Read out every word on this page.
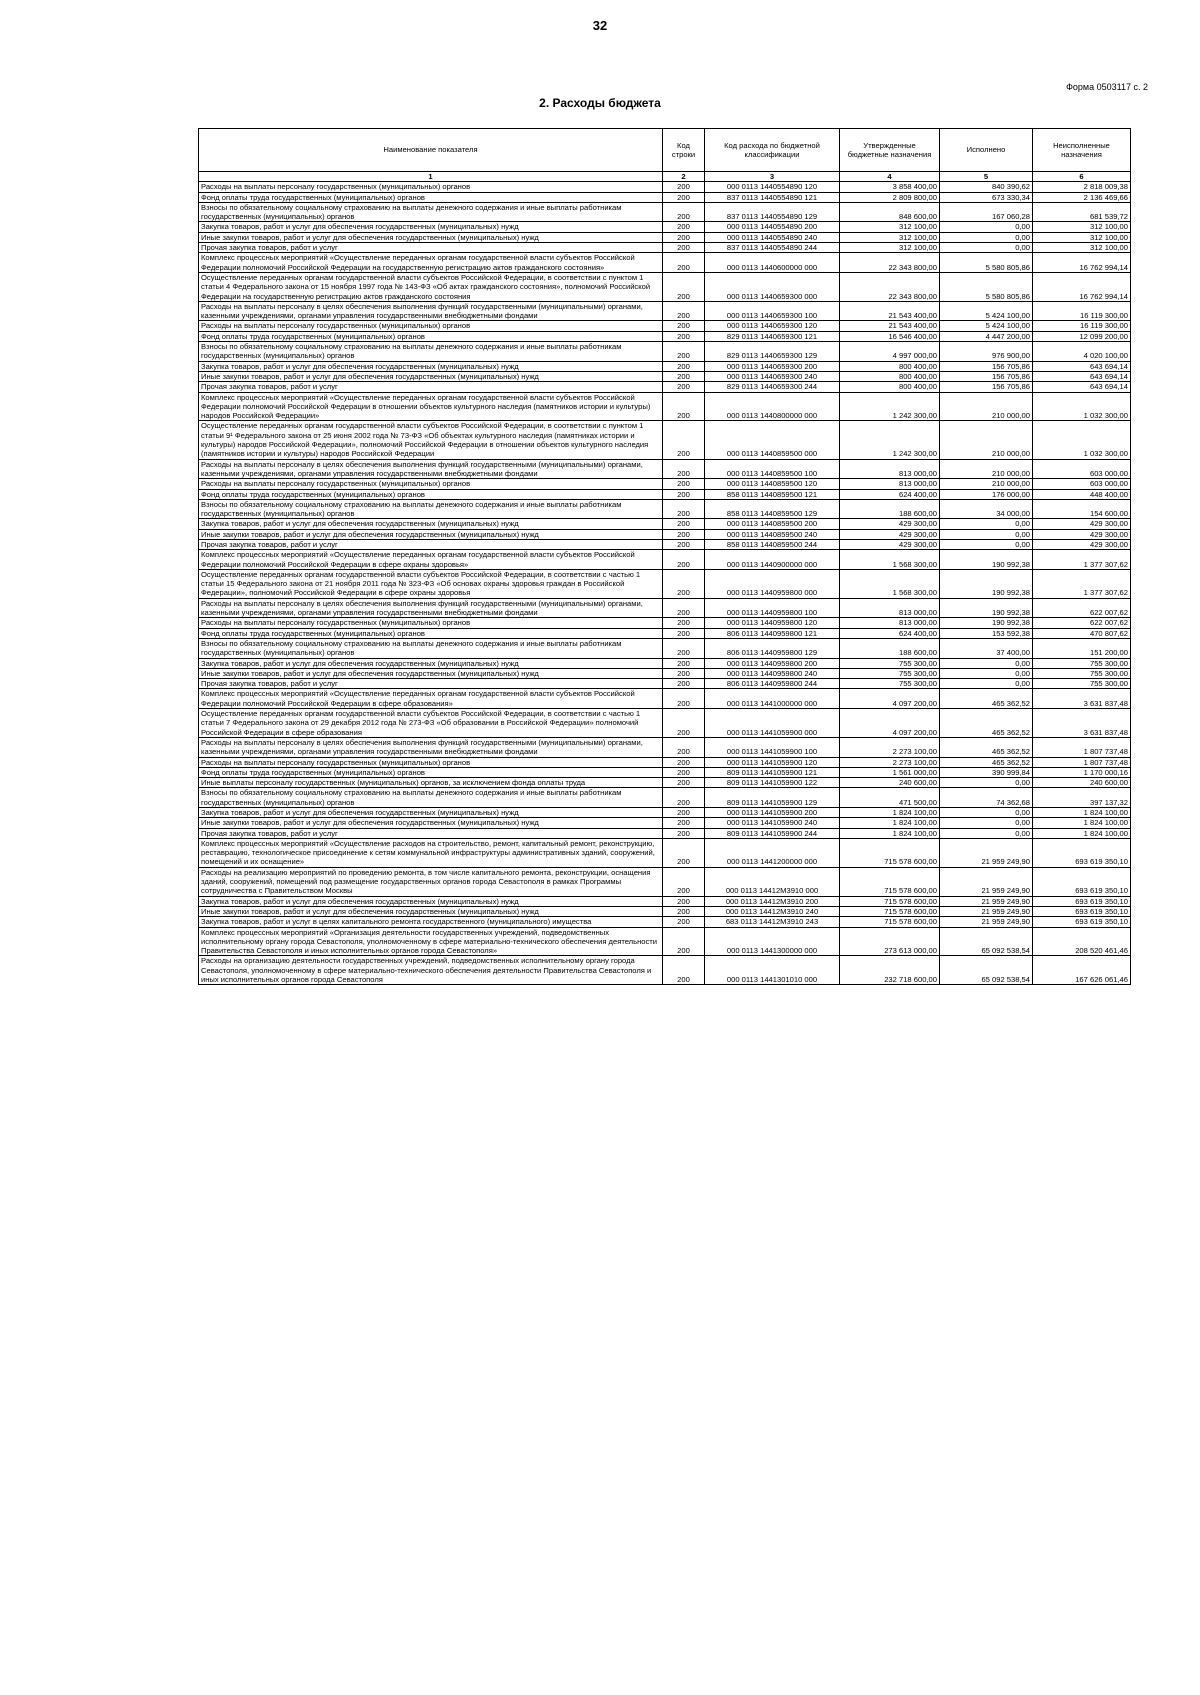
32
Форма 0503117 с. 2
2. Расходы бюджета
Наименование показателя	Код строки	Код расхода по бюджетной классификации	Утвержденные бюджетные назначения	Исполнено	Неисполненные назначения
1	2	3	4	5	6
Расходы на выплаты персоналу государственных (муниципальных) органов	200	000 0113 1440554890 120	3 858 400,00	840 390,62	2 818 009,38
Фонд оплаты труда государственных (муниципальных) органов	200	837 0113 1440554890 121	2 809 800,00	673 330,34	2 136 469,66
Взносы по обязательному социальному страхованию на выплаты денежного содержания и иные выплаты работникам государственных (муниципальных) органов	200	837 0113 1440554890 129	848 600,00	167 060,28	681 539,72
Закупка товаров, работ и услуг для обеспечения государственных (муниципальных) нужд	200	000 0113 1440554890 200	312 100,00	0,00	312 100,00
Иные закупки товаров, работ и услуг для обеспечения государственных (муниципальных) нужд	200	000 0113 1440554890 240	312 100,00	0,00	312 100,00
Прочая закупка товаров, работ и услуг	200	837 0113 1440554890 244	312 100,00	0,00	312 100,00
Комплекс процессных мероприятий «Осуществление переданных органам государственной власти субъектов Российской Федерации полномочий Российской Федерации на государственную регистрацию актов гражданского состояния»	200	000 0113 1440600000 000	22 343 800,00	5 580 805,86	16 762 994,14
Осуществление переданных органам государственной власти субъектов Российской Федерации, в соответствии с пунктом 1 статьи 4 Федерального закона от 15 ноября 1997 года № 143-ФЗ «Об актах гражданского состояния», полномочий Российской Федерации на государственную регистрацию актов гражданского состояния	200	000 0113 1440659300 000	22 343 800,00	5 580 805,86	16 762 994,14
Расходы на выплаты персоналу в целях обеспечения выполнения функций государственными (муниципальными) органами, казенными учреждениями, органами управления государственными внебюджетными фондами	200	000 0113 1440659300 100	21 543 400,00	5 424 100,00	16 119 300,00
Расходы на выплаты персоналу государственных (муниципальных) органов	200	000 0113 1440659300 120	21 543 400,00	5 424 100,00	16 119 300,00
Фонд оплаты труда государственных (муниципальных) органов	200	829 0113 1440659300 121	16 546 400,00	4 447 200,00	12 099 200,00
Взносы по обязательному социальному страхованию на выплаты денежного содержания и иные выплаты работникам государственных (муниципальных) органов	200	829 0113 1440659300 129	4 997 000,00	976 900,00	4 020 100,00
Закупка товаров, работ и услуг для обеспечения государственных (муниципальных) нужд	200	000 0113 1440659300 200	800 400,00	156 705,86	643 694,14
Иные закупки товаров, работ и услуг для обеспечения государственных (муниципальных) нужд	200	000 0113 1440659300 240	800 400,00	156 705,86	643 694,14
Прочая закупка товаров, работ и услуг	200	829 0113 1440659300 244	800 400,00	156 705,86	643 694,14
Комплекс процессных мероприятий «Осуществление переданных органам государственной власти субъектов Российской Федерации полномочий Российской Федерации в отношении объектов культурного наследия (памятников истории и культуры) народов Российской Федерации»	200	000 0113 1440800000 000	1 242 300,00	210 000,00	1 032 300,00
Осуществление переданных органам государственной власти субъектов Российской Федерации, в соответствии с пунктом 1 статьи 9¹ Федерального закона от 25 июня 2002 года № 73-ФЗ «Об объектах культурного наследия (памятниках истории и культуры) народов Российской Федерации», полномочий Российской Федерации в отношении объектов культурного наследия (памятников истории и культуры) народов Российской Федерации	200	000 0113 1440859500 000	1 242 300,00	210 000,00	1 032 300,00
Расходы на выплаты персоналу в целях обеспечения выполнения функций государственными (муниципальными) органами, казенными учреждениями, органами управления государственными внебюджетными фондами	200	000 0113 1440859500 100	813 000,00	210 000,00	603 000,00
Расходы на выплаты персоналу государственных (муниципальных) органов	200	000 0113 1440859500 120	813 000,00	210 000,00	603 000,00
Фонд оплаты труда государственных (муниципальных) органов	200	858 0113 1440859500 121	624 400,00	176 000,00	448 400,00
Взносы по обязательному социальному страхованию на выплаты денежного содержания и иные выплаты работникам государственных (муниципальных) органов	200	858 0113 1440859500 129	188 600,00	34 000,00	154 600,00
Закупка товаров, работ и услуг для обеспечения государственных (муниципальных) нужд	200	000 0113 1440859500 200	429 300,00	0,00	429 300,00
Иные закупки товаров, работ и услуг для обеспечения государственных (муниципальных) нужд	200	000 0113 1440859500 240	429 300,00	0,00	429 300,00
Прочая закупка товаров, работ и услуг	200	858 0113 1440859500 244	429 300,00	0,00	429 300,00
Комплекс процессных мероприятий «Осуществление переданных органам государственной власти субъектов Российской Федерации полномочий Российской Федерации в сфере охраны здоровья»	200	000 0113 1440900000 000	1 568 300,00	190 992,38	1 377 307,62
Осуществление переданных органам государственной власти субъектов Российской Федерации, в соответствии с частью 1 статьи 15 Федерального закона от 21 ноября 2011 года № 323-ФЗ «Об основах охраны здоровья граждан в Российской Федерации», полномочий Российской Федерации в сфере охраны здоровья	200	000 0113 1440959800 000	1 568 300,00	190 992,38	1 377 307,62
Расходы на выплаты персоналу в целях обеспечения выполнения функций государственными (муниципальными) органами, казенными учреждениями, органами управления государственными внебюджетными фондами	200	000 0113 1440959800 100	813 000,00	190 992,38	622 007,62
Расходы на выплаты персоналу государственных (муниципальных) органов	200	000 0113 1440959800 120	813 000,00	190 992,38	622 007,62
Фонд оплаты труда государственных (муниципальных) органов	200	806 0113 1440959800 121	624 400,00	153 592,38	470 807,62
Взносы по обязательному социальному страхованию на выплаты денежного содержания и иные выплаты работникам государственных (муниципальных) органов	200	806 0113 1440959800 129	188 600,00	37 400,00	151 200,00
Закупка товаров, работ и услуг для обеспечения государственных (муниципальных) нужд	200	000 0113 1440959800 200	755 300,00	0,00	755 300,00
Иные закупки товаров, работ и услуг для обеспечения государственных (муниципальных) нужд	200	000 0113 1440959800 240	755 300,00	0,00	755 300,00
Прочая закупка товаров, работ и услуг	200	806 0113 1440959800 244	755 300,00	0,00	755 300,00
Комплекс процессных мероприятий «Осуществление переданных органам государственной власти субъектов Российской Федерации полномочий Российской Федерации в сфере образования»	200	000 0113 1441000000 000	4 097 200,00	465 362,52	3 631 837,48
Осуществление переданных органам государственной власти субъектов Российской Федерации, в соответствии с частью 1 статьи 7 Федерального закона от 29 декабря 2012 года № 273-ФЗ «Об образовании в Российской Федерации» полномочий Российской Федерации в сфере образования	200	000 0113 1441059900 000	4 097 200,00	465 362,52	3 631 837,48
Расходы на выплаты персоналу в целях обеспечения выполнения функций государственными (муниципальными) органами, казенными учреждениями, органами управления государственными внебюджетными фондами	200	000 0113 1441059900 100	2 273 100,00	465 362,52	1 807 737,48
Расходы на выплаты персоналу государственных (муниципальных) органов	200	000 0113 1441059900 120	2 273 100,00	465 362,52	1 807 737,48
Фонд оплаты труда государственных (муниципальных) органов	200	809 0113 1441059900 121	1 561 000,00	390 999,84	1 170 000,16
Иные выплаты персоналу государственных (муниципальных) органов, за исключением фонда оплаты труда	200	809 0113 1441059900 122	240 600,00	0,00	240 600,00
Взносы по обязательному социальному страхованию на выплаты денежного содержания и иные выплаты работникам государственных (муниципальных) органов	200	809 0113 1441059900 129	471 500,00	74 362,68	397 137,32
Закупка товаров, работ и услуг для обеспечения государственных (муниципальных) нужд	200	000 0113 1441059900 200	1 824 100,00	0,00	1 824 100,00
Иные закупки товаров, работ и услуг для обеспечения государственных (муниципальных) нужд	200	000 0113 1441059900 240	1 824 100,00	0,00	1 824 100,00
Прочая закупка товаров, работ и услуг	200	809 0113 1441059900 244	1 824 100,00	0,00	1 824 100,00
Комплекс процессных мероприятий «Осуществление расходов на строительство, ремонт, капитальный ремонт, реконструкцию, реставрацию, технологическое присоединение к сетям коммунальной инфраструктуры административных зданий, сооружений, помещений и их оснащение»	200	000 0113 1441200000 000	715 578 600,00	21 959 249,90	693 619 350,10
Расходы на реализацию мероприятий по проведению ремонта, в том числе капитального ремонта, реконструкции, оснащения зданий, сооружений, помещений под размещение государственных органов города Севастополя в рамках Программы сотрудничества с Правительством Москвы	200	000 0113 14412М3910 000	715 578 600,00	21 959 249,90	693 619 350,10
Закупка товаров, работ и услуг для обеспечения государственных (муниципальных) нужд	200	000 0113 14412М3910 200	715 578 600,00	21 959 249,90	693 619 350,10
Иные закупки товаров, работ и услуг для обеспечения государственных (муниципальных) нужд	200	000 0113 14412М3910 240	715 578 600,00	21 959 249,90	693 619 350,10
Закупка товаров, работ и услуг в целях капитального ремонта государственного (муниципального) имущества	200	683 0113 14412М3910 243	715 578 600,00	21 959 249,90	693 619 350,10
Комплекс процессных мероприятий «Организация деятельности государственных учреждений, подведомственных исполнительному органу города Севастополя, уполномоченному в сфере материально-технического обеспечения деятельности Правительства Севастополя и иных исполнительных органов города Севастополя»	200	000 0113 1441300000 000	273 613 000,00	65 092 538,54	208 520 461,46
Расходы на организацию деятельности государственных учреждений, подведомственных исполнительному органу города Севастополя, уполномоченному в сфере материально-технического обеспечения деятельности Правительства Севастополя и иных исполнительных органов города Севастополя	200	000 0113 1441301010 000	232 718 600,00	65 092 538,54	167 626 061,46
